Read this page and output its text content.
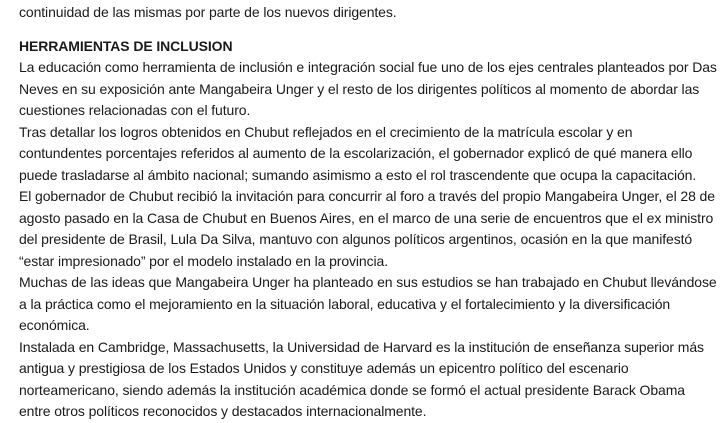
continuidad de las mismas por parte de los nuevos dirigentes.

HERRAMIENTAS DE INCLUSION

La educación como herramienta de inclusión e integración social fue uno de los ejes centrales planteados por Das Neves en su exposición ante Mangabeira Unger y el resto de los dirigentes políticos al momento de abordar las cuestiones relacionadas con el futuro.

Tras detallar los logros obtenidos en Chubut reflejados en el crecimiento de la matrícula escolar y en contundentes porcentajes referidos al aumento de la escolarización, el gobernador explicó de qué manera ello puede trasladarse al ámbito nacional; sumando asimismo a esto el rol trascendente que ocupa la capacitación.

El gobernador de Chubut recibió la invitación para concurrir al foro a través del propio Mangabeira Unger, el 28 de agosto pasado en la Casa de Chubut en Buenos Aires, en el marco de una serie de encuentros que el ex ministro del presidente de Brasil, Lula Da Silva, mantuvo con algunos políticos argentinos, ocasión en la que manifestó “estar impresionado” por el modelo instalado en la provincia.

Muchas de las ideas que Mangabeira Unger ha planteado en sus estudios se han trabajado en Chubut llevándose a la práctica como el mejoramiento en la situación laboral, educativa y el fortalecimiento y la diversificación económica.

Instalada en Cambridge, Massachusetts, la Universidad de Harvard es la institución de enseñanza superior más antigua y prestigiosa de los Estados Unidos y constituye además un epicentro político del escenario norteamericano, siendo además la institución académica donde se formó el actual presidente Barack Obama entre otros políticos reconocidos y destacados internacionalmente.
